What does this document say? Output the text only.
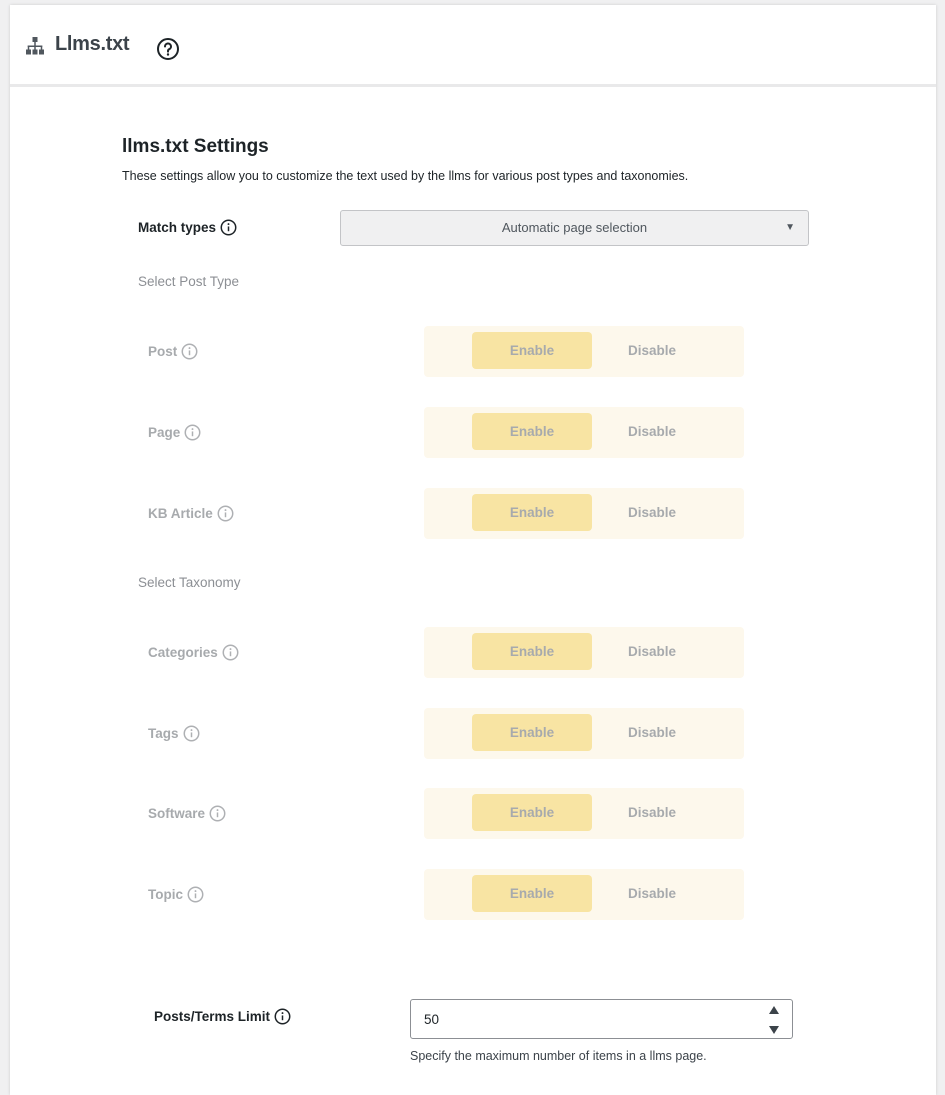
Llms.txt
llms.txt Settings
These settings allow you to customize the text used by the llms for various post types and taxonomies.
Match types	Automatic page selection	▼
Select Post Type
Post	Enable	Disable
Page	Enable	Disable
KB Article	Enable	Disable
Select Taxonomy
Categories	Enable	Disable
Tags	Enable	Disable
Software	Enable	Disable
Topic	Enable	Disable
Posts/Terms Limit	50
Specify the maximum number of items in a llms page.
